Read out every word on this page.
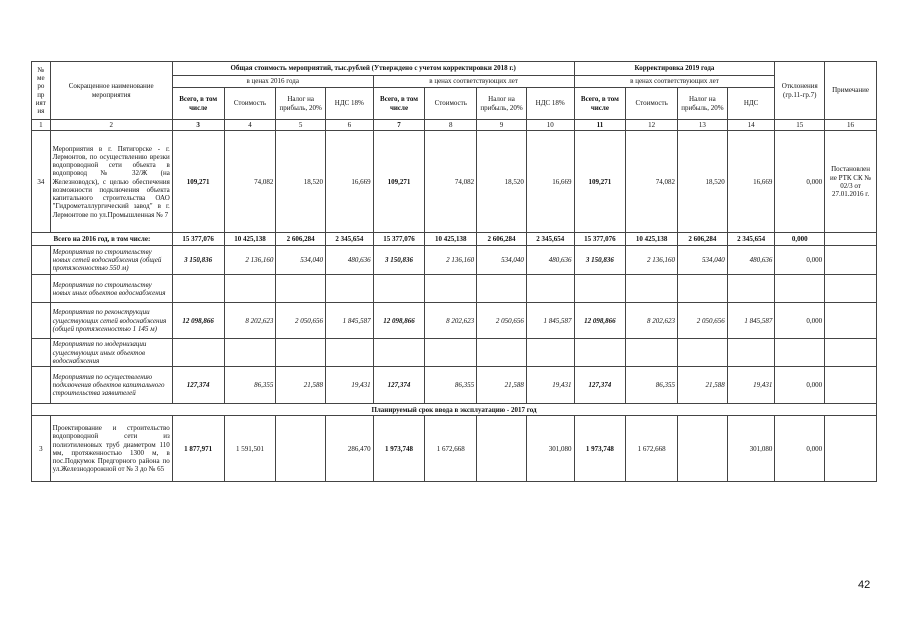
№ ме ро пр ият ия	Сокращенное наименование мероприятия	Общая стоимость мероприятий, тыс.рублей (Утверждено с учетом корректировки 2018 г.)								Корректировка 2019 года				Отклонения (гр.11-гр.7)	Примечание
		в ценах 2016 года				в ценах соответствующих лет				в ценах соответствующих лет					
		Всего, в том числе	Стоимость	Налог на прибыль, 20%	НДС 18%	Всего, в том числе	Стоимость	Налог на прибыль, 20%	НДС 18%	Всего, в том числе	Стоимость	Налог на прибыль, 20%	НДС		
1	2	3	4	5	6	7	8	9	10	11	12	13	14	15	16
34	Мероприятия в г. Пятигорске - г. Лермонтов, по осуществлению врезки водопроводной сети объекта в водопровод № 32/Ж (на Железноводск), с целью обеспечения возможности подключения объекта капитального строительства ОАО "Гидрометаллургический завод" в г. Лермонтове по ул.Промышленная № 7	109,271	74,082	18,520	16,669	109,271	74,082	18,520	16,669	109,271	74,082	18,520	16,669	0,000	Постановлен ие РТК СК № 02/3 от 27.01.2016 г.
Всего на 2016 год, в том числе:		15 377,076	10 425,138	2 606,284	2 345,654	15 377,076	10 425,138	2 606,284	2 345,654	15 377,076	10 425,138	2 606,284	2 345,654	0,000	
	Мероприятия по строительству новых сетей водоснабжения (общей протяженностью 550 м)	3 150,836	2 136,160	534,040	480,636	3 150,836	2 136,160	534,040	480,636	3 150,836	2 136,160	534,040	480,636	0,000	
	Мероприятия по строительству новых иных объектов водоснабжения														
	Мероприятия по реконструкции существующих сетей водоснабжения (общей протяженностью 1 145 м)	12 098,866	8 202,623	2 050,656	1 845,587	12 098,866	8 202,623	2 050,656	1 845,587	12 098,866	8 202,623	2 050,656	1 845,587	0,000	
	Мероприятия по модернизации существующих иных объектов водоснабжения														
	Мероприятия по осуществлению подключения объектов капитального строительства заявителей	127,374	86,355	21,588	19,431	127,374	86,355	21,588	19,431	127,374	86,355	21,588	19,431	0,000	
Планируемый срок ввода в эксплуатацию - 2017 год															
3	Проектирование и строительство водопроводной сети из полиэтиленовых труб диаметром 110 мм, протяженностью 1300 м, в пос.Подкумок Предгорного района по ул.Железнодорожной от № 3 до № 65	1 877,971	1 591,501		286,470	1 973,748	1 672,668		301,080	1 973,748	1 672,668		301,080	0,000	
42
